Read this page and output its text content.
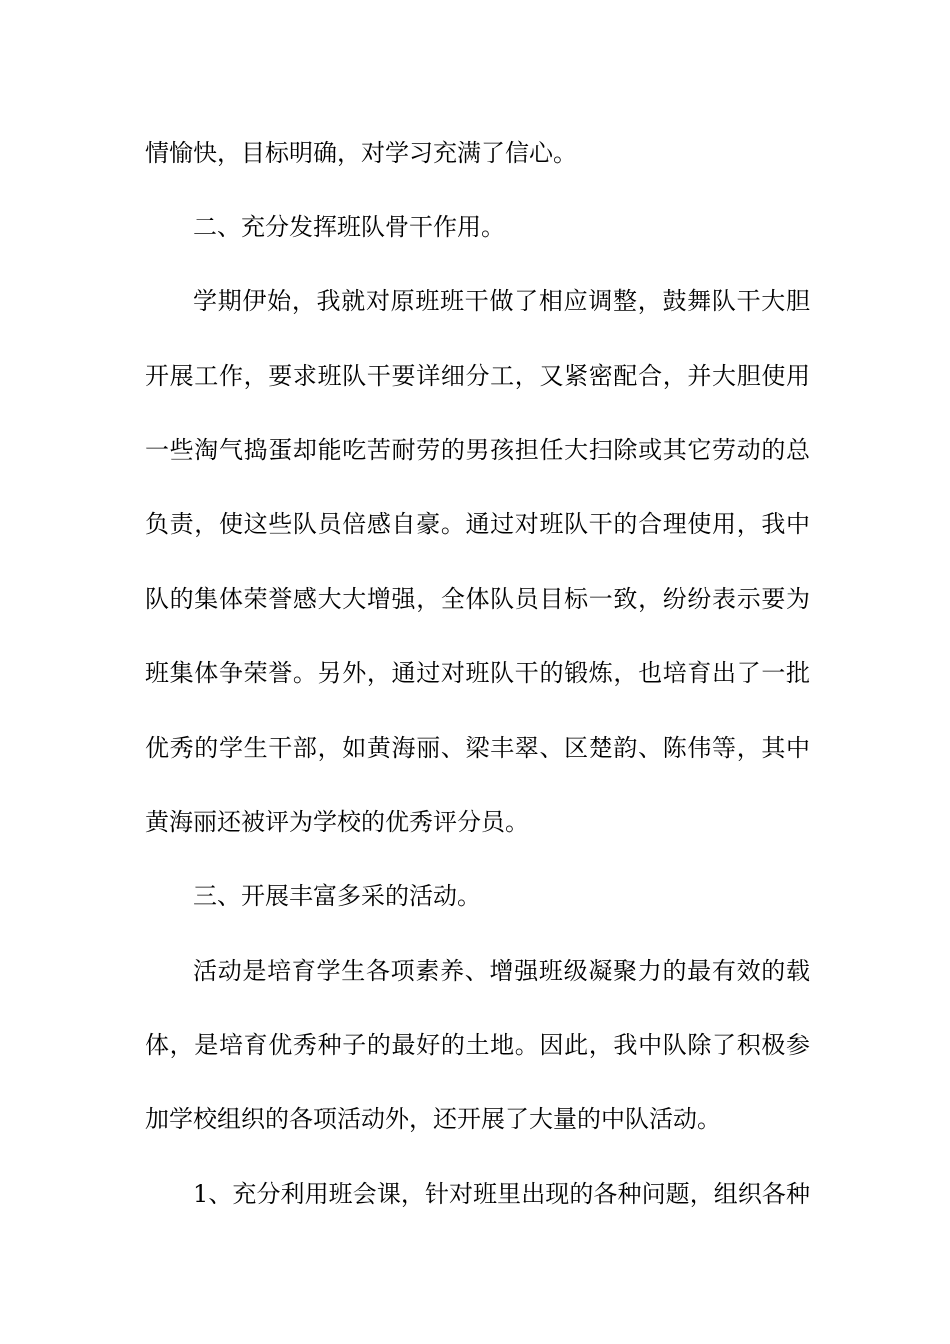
情愉快，目标明确，对学习充满了信心。
二、充分发挥班队骨干作用。
学期伊始，我就对原班班干做了相应调整，鼓舞队干大胆
开展工作，要求班队干要详细分工，又紧密配合，并大胆使用
一些淘气捣蛋却能吃苦耐劳的男孩担任大扫除或其它劳动的总
负责，使这些队员倍感自豪。通过对班队干的合理使用，我中
队的集体荣誉感大大增强，全体队员目标一致，纷纷表示要为
班集体争荣誉。另外，通过对班队干的锻炼，也培育出了一批
优秀的学生干部，如黄海丽、梁丰翠、区楚韵、陈伟等，其中
黄海丽还被评为学校的优秀评分员。
三、开展丰富多采的活动。
活动是培育学生各项素养、增强班级凝聚力的最有效的载
体，是培育优秀种子的最好的土地。因此，我中队除了积极参
加学校组织的各项活动外，还开展了大量的中队活动。
1、充分利用班会课，针对班里出现的各种问题，组织各种
